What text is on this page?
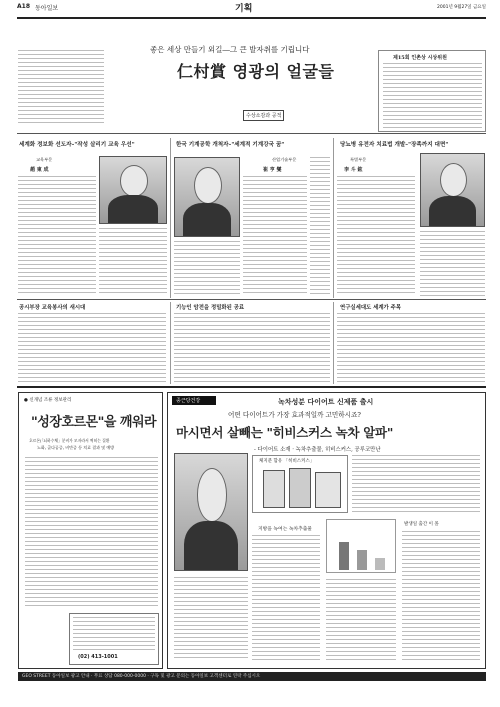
A18 동아일보	기획	2001년 9월27일 금요일
좋은 세상 만들기 외길―그 큰 발자취를 기립니다
仁村賞 영광의 얼굴들
수상소감과 공적
제15회 인촌상 시상위원
세계화 정보화 선도자–"작성 살리기 교육 우선"
교육부문
趙 東 成
한국 기계공학 개척자–"세계적 기계강국 꿈"
산업기술부문
崔 亨 燮
당뇨병 유전자 치료법 개발–"장족까지 대면"
특별부문
李 斗 鉉
공시부장 교육봉사의 새시대	기능인 암전을 정밀화된 공료	연구실세대도 세계가 주목
● 신개념 조류 정보관리
"성장호르몬"을 깨워라
호르몬(「뇌하수체」분비가 모자라서 찍히는 질환
노화, 골다공증, 비만증 등 치료 결과 및 예방
(02) 413-1001
종근당건강	녹차성분 다이어트 신제품 출시
어떤 다이어트가 가장 효과적일까 고민하시죠?
마시면서 살빼는 "히비스커스 녹차 알파"
- 다이어트 소재 · 녹차추출물, 히비스커스, 공루코만난
체지분 함유 「히비스커스」
지방을 녹여는 녹차추출물
발생일 출간 이 몰
GEO STREET 동아일보 광고 안내 · 무료 상담 080-000-0000 · 구독 및 광고 문의는 동아일보 고객센터로 연락 주십시오
